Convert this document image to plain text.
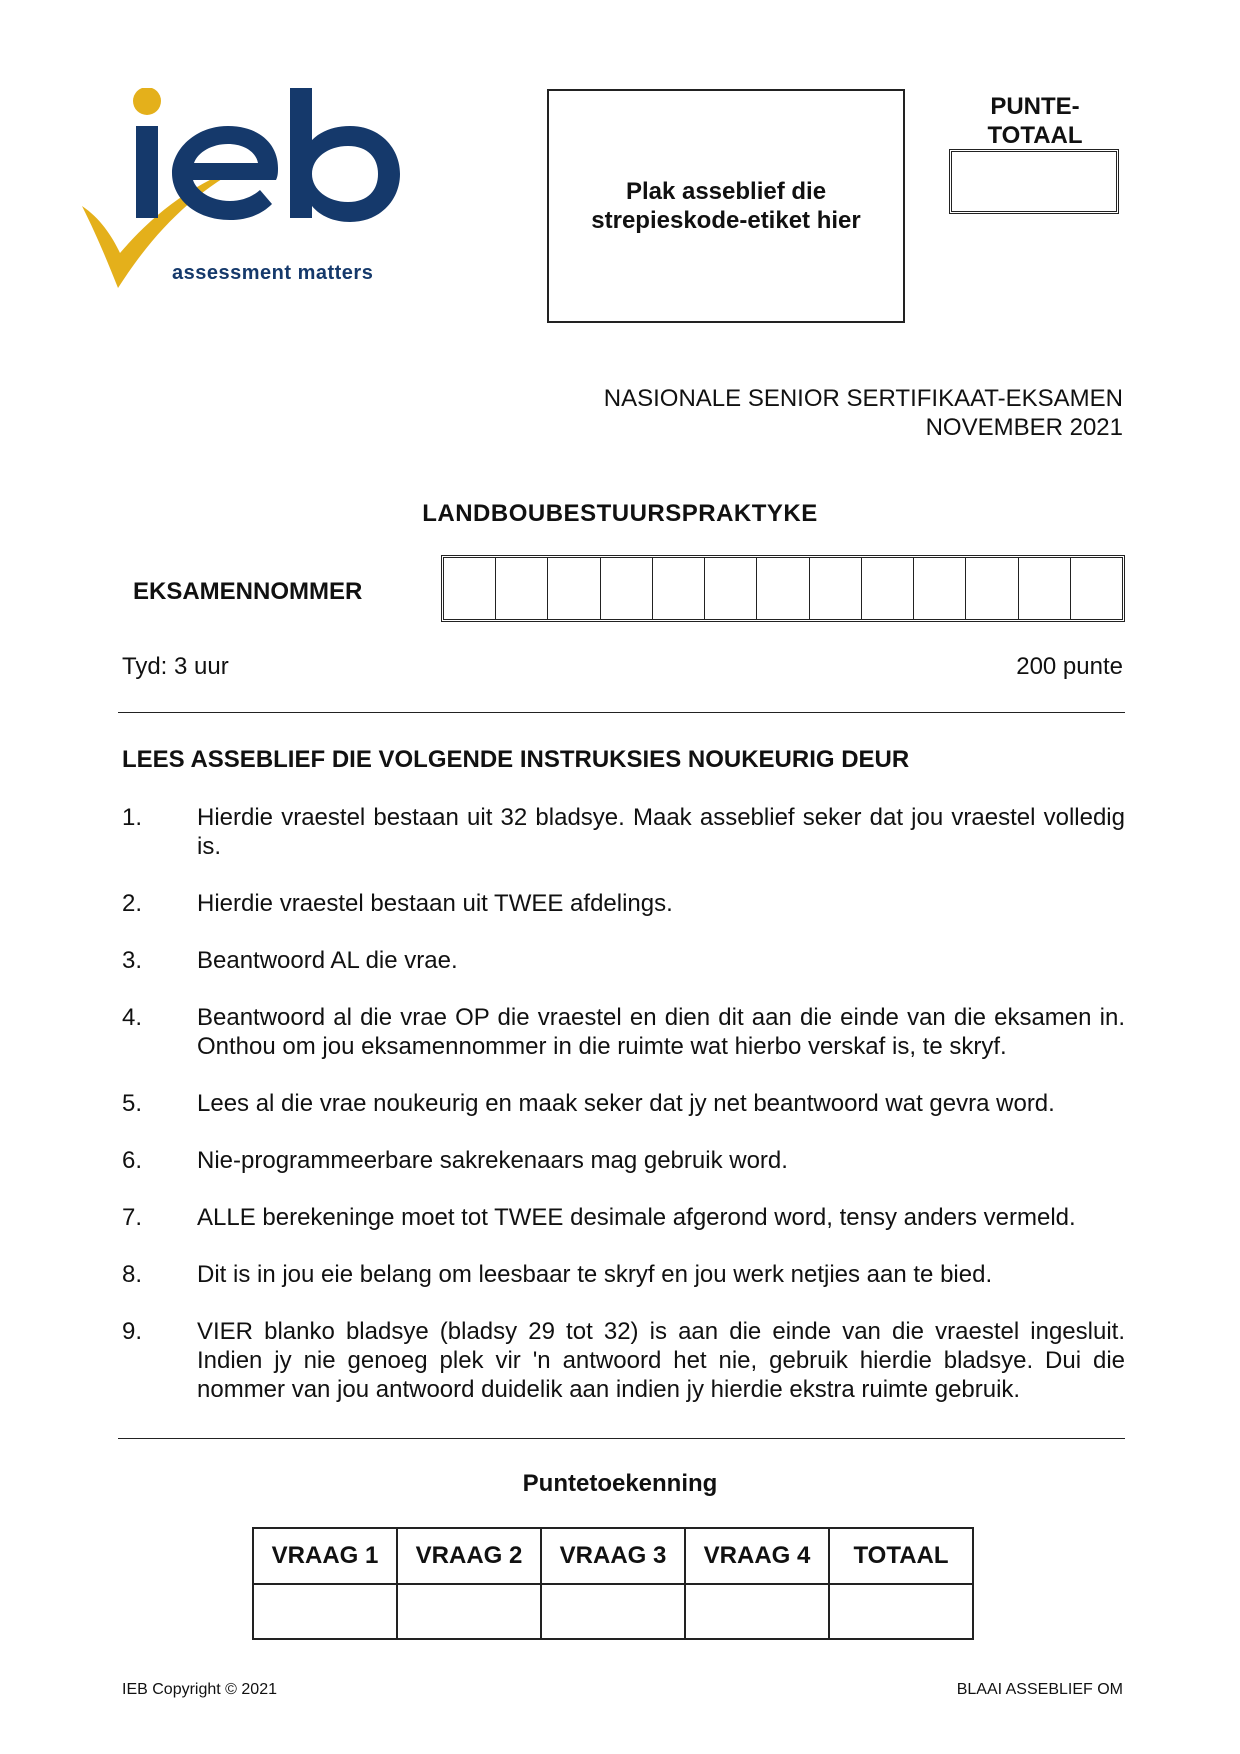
assessment matters
Plak asseblief die strepieskode-etiket hier
PUNTE-
TOTAAL
NASIONALE SENIOR SERTIFIKAAT-EKSAMEN
NOVEMBER 2021
LANDBOUBESTUURSPRAKTYKE
EKSAMENNOMMER
Tyd: 3 uur	200 punte
LEES ASSEBLIEF DIE VOLGENDE INSTRUKSIES NOUKEURIG DEUR
1.	Hierdie vraestel bestaan uit 32 bladsye. Maak asseblief seker dat jou vraestel volledig is.
2.	Hierdie vraestel bestaan uit TWEE afdelings.
3.	Beantwoord AL die vrae.
4.	Beantwoord al die vrae OP die vraestel en dien dit aan die einde van die eksamen in. Onthou om jou eksamennommer in die ruimte wat hierbo verskaf is, te skryf.
5.	Lees al die vrae noukeurig en maak seker dat jy net beantwoord wat gevra word.
6.	Nie-programmeerbare sakrekenaars mag gebruik word.
7.	ALLE berekeninge moet tot TWEE desimale afgerond word, tensy anders vermeld.
8.	Dit is in jou eie belang om leesbaar te skryf en jou werk netjies aan te bied.
9.	VIER blanko bladsye (bladsy 29 tot 32) is aan die einde van die vraestel ingesluit. Indien jy nie genoeg plek vir 'n antwoord het nie, gebruik hierdie bladsye. Dui die nommer van jou antwoord duidelik aan indien jy hierdie ekstra ruimte gebruik.
Puntetoekenning
VRAAG 1	VRAAG 2	VRAAG 3	VRAAG 4	TOTAAL

IEB Copyright © 2021	BLAAI ASSEBLIEF OM
